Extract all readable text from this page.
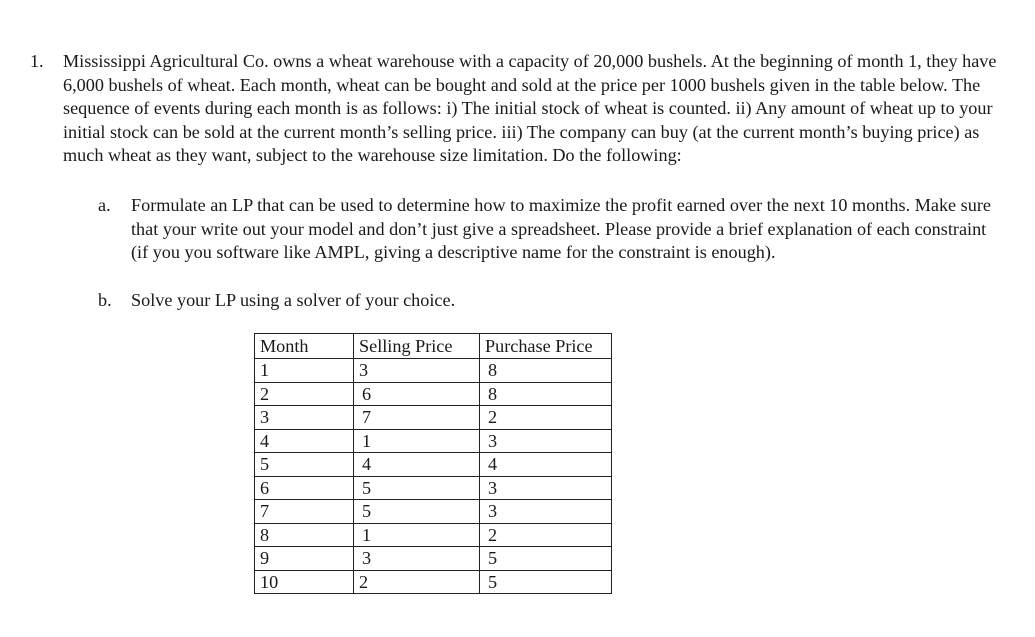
1. Mississippi Agricultural Co. owns a wheat warehouse with a capacity of 20,000 bushels. At the beginning of month 1, they have 6,000 bushels of wheat. Each month, wheat can be bought and sold at the price per 1000 bushels given in the table below. The sequence of events during each month is as follows: i) The initial stock of wheat is counted. ii) Any amount of wheat up to your initial stock can be sold at the current month’s selling price. iii) The company can buy (at the current month’s buying price) as much wheat as they want, subject to the warehouse size limitation. Do the following:
a. Formulate an LP that can be used to determine how to maximize the profit earned over the next 10 months. Make sure that your write out your model and don’t just give a spreadsheet. Please provide a brief explanation of each constraint (if you you software like AMPL, giving a descriptive name for the constraint is enough).
b. Solve your LP using a solver of your choice.
Month	Selling Price	Purchase Price
1	3	8
2	6	8
3	7	2
4	1	3
5	4	4
6	5	3
7	5	3
8	1	2
9	3	5
10	2	5
